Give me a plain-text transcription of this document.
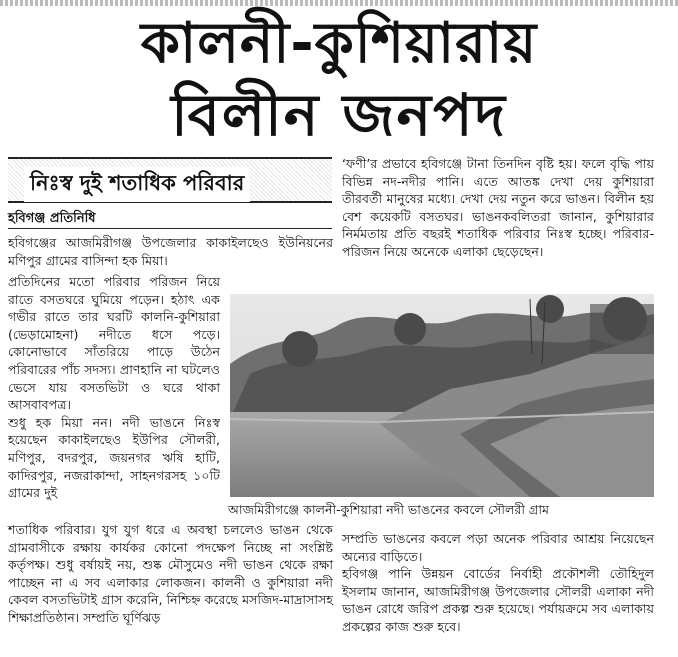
কালনী-কুশিয়ারায়
বিলীন জনপদ
নিঃস্ব দুই শতাধিক পরিবার
হবিগঞ্জ প্রতিনিধি

হবিগঞ্জের আজমিরীগঞ্জ উপজেলার কাকাইলছেও ইউনিয়নের মণিপুর গ্রামের বাসিন্দা হক মিয়া।

প্রতিদিনের মতো পরিবার পরিজন নিয়ে রাতে বসতঘরে ঘুমিয়ে পড়েন। হঠাৎ এক গভীর রাতে তার ঘরটি কালনি-কুশিয়ারা (ভেড়ামোহনা) নদীতে ধসে পড়ে। কোনোভাবে সাঁতরিয়ে পাড়ে উঠেন পরিবারের পাঁচ সদস্য। প্রাণহানি না ঘটলেও ভেসে যায় বসতভিটা ও ঘরে থাকা আসবাবপত্র।

শুধু হক মিয়া নন। নদী ভাঙনে নিঃস্ব হয়েছেন কাকাইলছেও ইউপির সৌলরী, মণিপুর, বদরপুর, জয়নগর ঋষি হাটি, কাদিরপুর, নজরাকান্দা, সাহনগরসহ ১০টি গ্রামের দুই

‘ফণী’র প্রভাবে হবিগঞ্জে টানা তিনদিন বৃষ্টি হয়। ফলে বৃদ্ধি পায় বিভিন্ন নদ-নদীর পানি। এতে আতঙ্ক দেখা দেয় কুশিয়ারা তীরবর্তী মানুষের মধ্যে। দেখা দেয় নতুন করে ভাঙন। বিলীন হয় বেশ কয়েকটি বসতঘর। ভাঙনকবলিতরা জানান, কুশিয়ারার নির্মমতায় প্রতি বছরই শতাধিক পরিবার নিঃস্ব হচ্ছে। পরিবার-পরিজন নিয়ে অনেকে এলাকা ছেড়েছেন।

আজমিরীগঞ্জে কালনী-কুশিয়ারা নদী ভাঙনের কবলে সৌলরী গ্রাম

শতাধিক পরিবার। যুগ যুগ ধরে এ অবস্থা চললেও ভাঙন থেকে গ্রামবাসীকে রক্ষায় কার্যকর কোনো পদক্ষেপ নিচ্ছে না সংশ্লিষ্ট কর্তৃপক্ষ। শুধু বর্ষায়ই নয়, শুষ্ক মৌসুমেও নদী ভাঙন থেকে রক্ষা পাচ্ছেন না এ সব এলাকার লোকজন। কালনী ও কুশিয়ারা নদী কেবল বসতভিটাই গ্রাস করেনি, নিশ্চিহ্ন করেছে মসজিদ-মাদ্রাসাসহ শিক্ষাপ্রতিষ্ঠান। সম্প্রতি ঘূর্ণিঝড়

সম্প্রতি ভাঙনের কবলে পড়া অনেক পরিবার আশ্রয় নিয়েছেন অন্যের বাড়িতে।

হবিগঞ্জ পানি উন্নয়ন বোর্ডের নির্বাহী প্রকৌশলী তৌহিদুল ইসলাম জানান, আজমিরীগঞ্জ উপজেলার সৌলরী এলাকা নদী ভাঙন রোধে জরিপ প্রকল্প শুরু হয়েছে। পর্যায়ক্রমে সব এলাকায় প্রকল্পের কাজ শুরু হবে।
